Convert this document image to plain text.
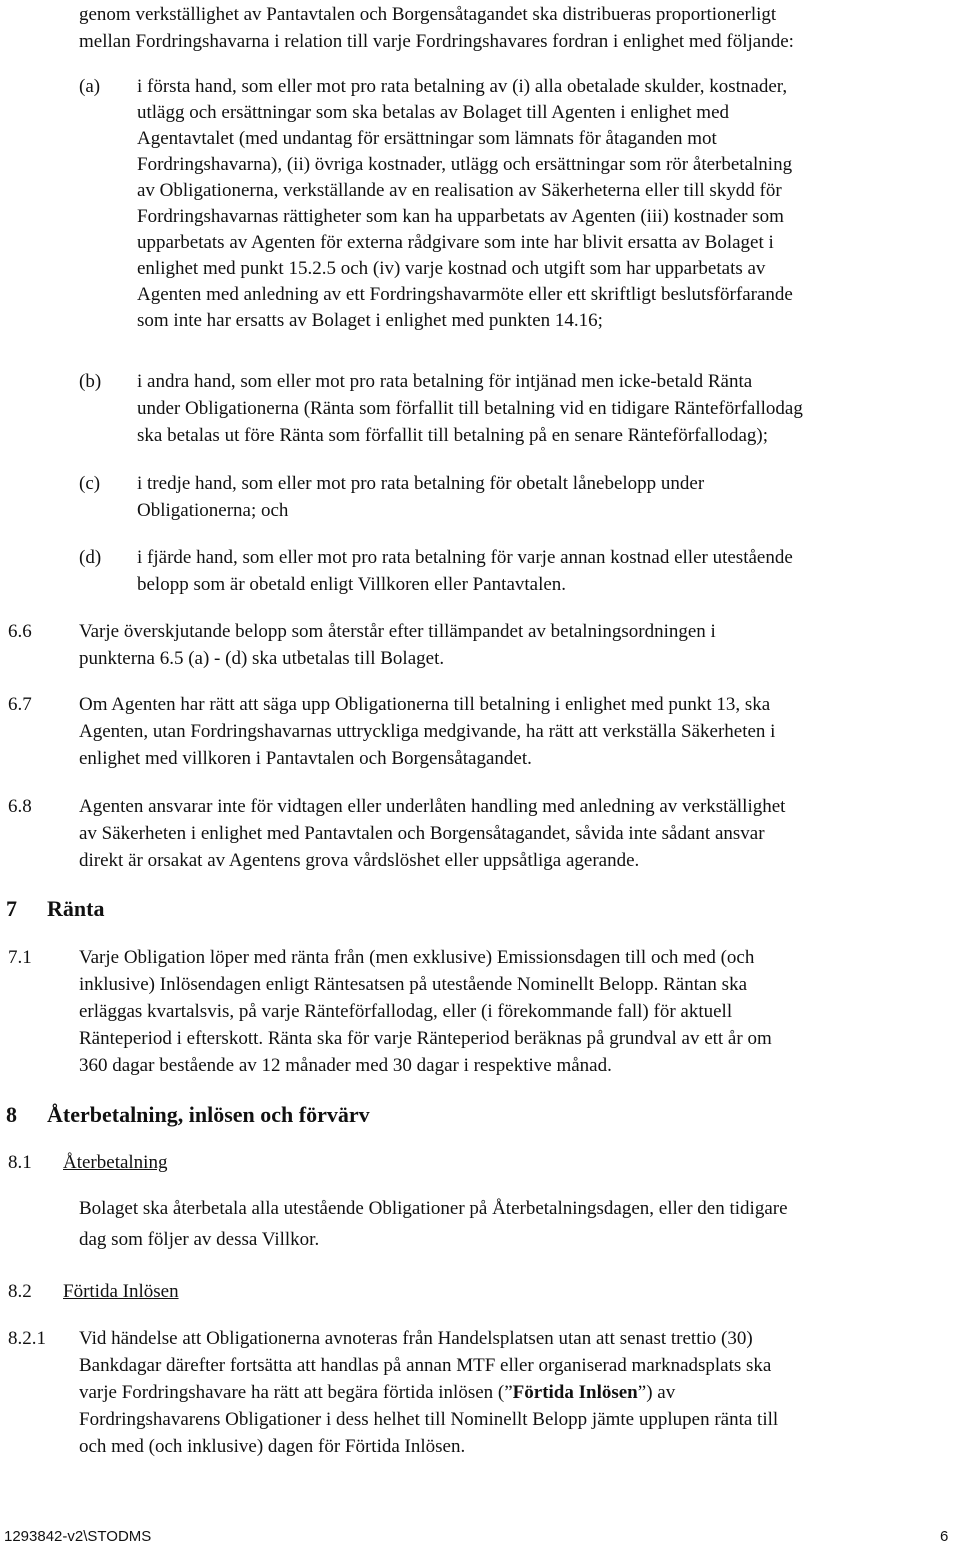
genom verkställighet av Pantavtalen och Borgensåtagandet ska distribueras proportionerligt
mellan Fordringshavarna i relation till varje Fordringshavares fordran i enlighet med följande:
(a) i första hand, som eller mot pro rata betalning av (i) alla obetalade skulder, kostnader,
utlägg och ersättningar som ska betalas av Bolaget till Agenten i enlighet med
Agentavtalet (med undantag för ersättningar som lämnats för åtaganden mot
Fordringshavarna), (ii) övriga kostnader, utlägg och ersättningar som rör återbetalning
av Obligationerna, verkställande av en realisation av Säkerheterna eller till skydd för
Fordringshavarnas rättigheter som kan ha upparbetats av Agenten (iii) kostnader som
upparbetats av Agenten för externa rådgivare som inte har blivit ersatta av Bolaget i
enlighet med punkt 15.2.5 och (iv) varje kostnad och utgift som har upparbetats av
Agenten med anledning av ett Fordringshavarmöte eller ett skriftligt beslutsförfarande
som inte har ersatts av Bolaget i enlighet med punkten 14.16;
(b) i andra hand, som eller mot pro rata betalning för intjänad men icke-betald Ränta
under Obligationerna (Ränta som förfallit till betalning vid en tidigare Ränteförfallodag
ska betalas ut före Ränta som förfallit till betalning på en senare Ränteförfallodag);
(c) i tredje hand, som eller mot pro rata betalning för obetalt lånebelopp under
Obligationerna; och
(d) i fjärde hand, som eller mot pro rata betalning för varje annan kostnad eller utestående
belopp som är obetald enligt Villkoren eller Pantavtalen.
6.6 Varje överskjutande belopp som återstår efter tillämpandet av betalningsordningen i
punkterna 6.5 (a) - (d) ska utbetalas till Bolaget.
6.7 Om Agenten har rätt att säga upp Obligationerna till betalning i enlighet med punkt 13, ska
Agenten, utan Fordringshavarnas uttryckliga medgivande, ha rätt att verkställa Säkerheten i
enlighet med villkoren i Pantavtalen och Borgensåtagandet.
6.8 Agenten ansvarar inte för vidtagen eller underlåten handling med anledning av verkställighet
av Säkerheten i enlighet med Pantavtalen och Borgensåtagandet, såvida inte sådant ansvar
direkt är orsakat av Agentens grova vårdslöshet eller uppsåtliga agerande.
7 Ränta
7.1 Varje Obligation löper med ränta från (men exklusive) Emissionsdagen till och med (och
inklusive) Inlösendagen enligt Räntesatsen på utestående Nominellt Belopp. Räntan ska
erläggas kvartalsvis, på varje Ränteförfallodag, eller (i förekommande fall) för aktuell
Ränteperiod i efterskott. Ränta ska för varje Ränteperiod beräknas på grundval av ett år om
360 dagar bestående av 12 månader med 30 dagar i respektive månad.
8 Återbetalning, inlösen och förvärv
8.1 Återbetalning
Bolaget ska återbetala alla utestående Obligationer på Återbetalningsdagen, eller den tidigare
dag som följer av dessa Villkor.
8.2 Förtida Inlösen
8.2.1 Vid händelse att Obligationerna avnoteras från Handelsplatsen utan att senast trettio (30)
Bankdagar därefter fortsätta att handlas på annan MTF eller organiserad marknadsplats ska
varje Fordringshavare ha rätt att begära förtida inlösen (”Förtida Inlösen”) av
Fordringshavarens Obligationer i dess helhet till Nominellt Belopp jämte upplupen ränta till
och med (och inklusive) dagen för Förtida Inlösen.
1293842-v2\STODMS	6
